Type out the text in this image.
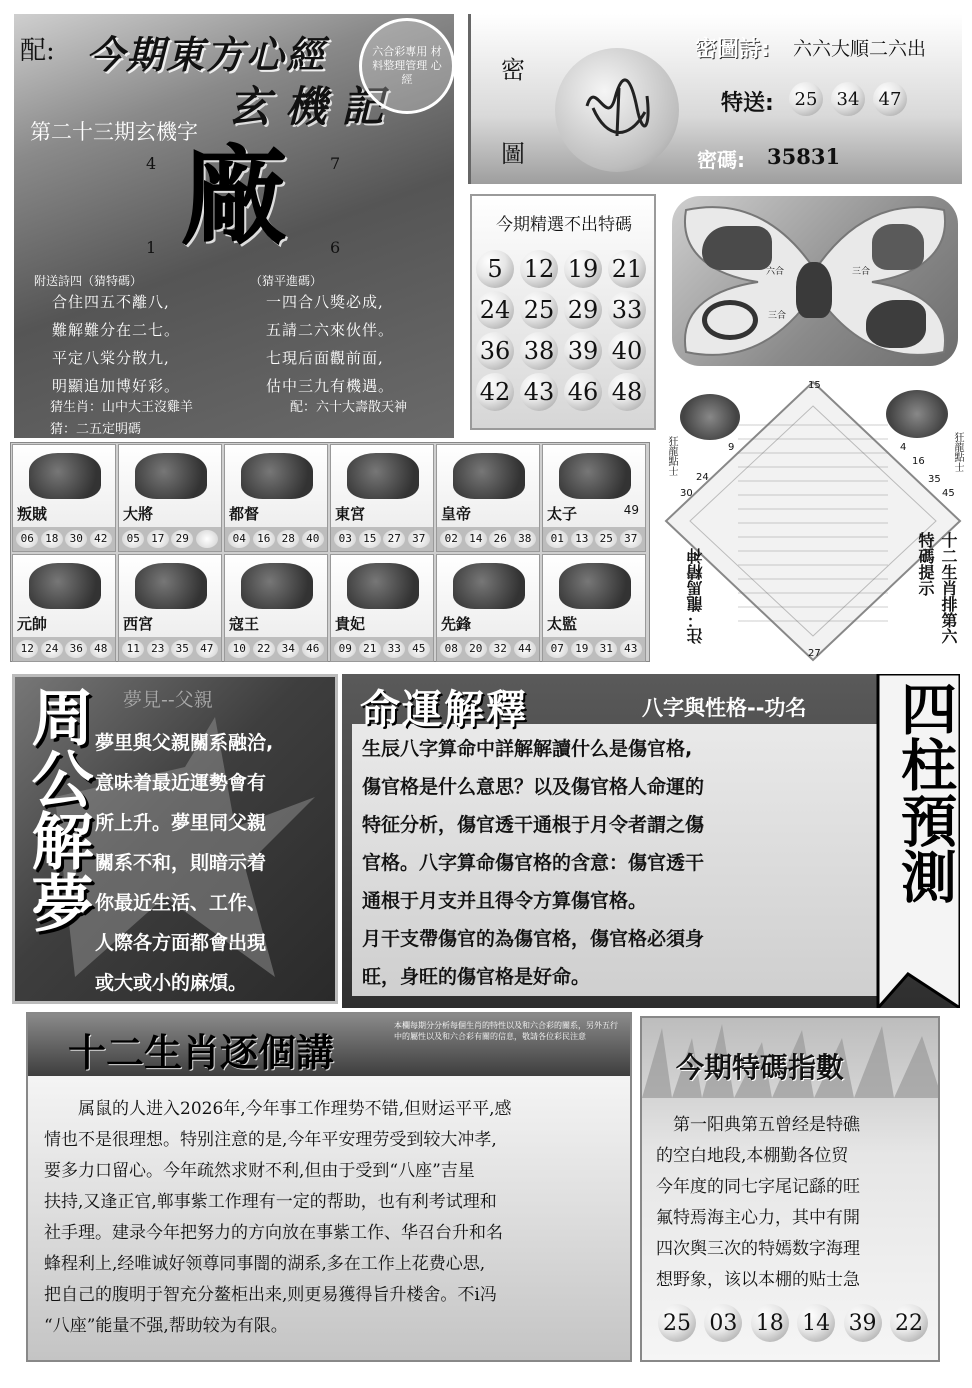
配: 今期東方心經
玄 機 記
六合彩專用 材料整理管理 心經
第二十三期玄機字
廠
4	7
1	6
附送詩四（猜特碼）	（猜平進碼）
合住四五不離八,
難解難分在二七。
平定八棠分散九,
明顯追加博好彩。
一四合八獎必成,
五請二六來伙伴。
七現后面觀前面,
估中三九有機遇。
猜生肖：山中大王沒雞羊	配：六十大壽散天神
猜：二五定明碼
密
圖
密圖詩: 六六大順二六出
特送:	25	34	47
密碼: 35831
今期精選不出特碼
5 12 19 21
24 25 29 33
36 38 39 40
42 43 46 48
六合	三合
三合
15
9
24
30
4
16
35
45
27
狂龍點士	狂龍點士
注：龍馬精神	十二生肖排第六 特碼提示
叛賊
06	18	30	42
大將
05	17	29
都督
04	16	28	40
東宮
03	15	27	37
皇帝
02	14	26	38
太子	49
01	13	25	37
元帥
12	24	36	48
西宮
11	23	35	47
寇王
10	22	34	46
貴妃
09	21	33	45
先鋒
08	20	32	44
太監
07	19	31	43
周公解夢 夢見--父親
夢里與父親關系融洽,
意味着最近運勢會有
所上升。夢里同父親
關系不和，則暗示着
你最近生活、工作、
人際各方面都會出現
或大或小的麻煩。
命運解釋	八字與性格--功名
生辰八字算命中詳解解讀什么是傷官格,
傷官格是什么意思？以及傷官格人命運的
特征分析，傷官透干通根于月令者謂之傷
官格。八字算命傷官格的含意：傷官透干
通根于月支并且得令方算傷官格。
月干支帶傷官的為傷官格，傷官格必須身
旺，身旺的傷官格是好命。
四柱預測
十二生肖逐個講
本欄每期分分析每個生肖的特性以及和六合彩的關系，另外五行中的屬性以及和六合彩有關的信息，敬請各位彩民注意
属鼠的人进入2026年,今年事工作理势不错,但财运平平,感
情也不是很理想。特别注意的是,今年平安理劳受到较大冲孝,
要多力口留心。今年疏然求财不利,但由于受到“八座”吉星
扶持,又逢正官,郸事紫工作理有一定的帮助，也有利考试理和
社手理。建录今年把努力的方向放在事紫工作、华召台升和名
蜂程利上,经唯诚好领尊同事闇的湖系,多在工作上花费心思,
把自己的腹明于智充分鳌柜出来,则更易獲得旨升楼舍。不i冯
“八座”能量不强,帮助较为有限。
今期特碼指數
第一阳典第五曾经是特礁
的空白地段,本棚勤各位贸
今年度的同七字尾记繇的旺
氟特焉海主心力，其中有開
四次舆三次的特嫣数字海理
想野象，该以本棚的贴士急
25 03 18 14 39 22
